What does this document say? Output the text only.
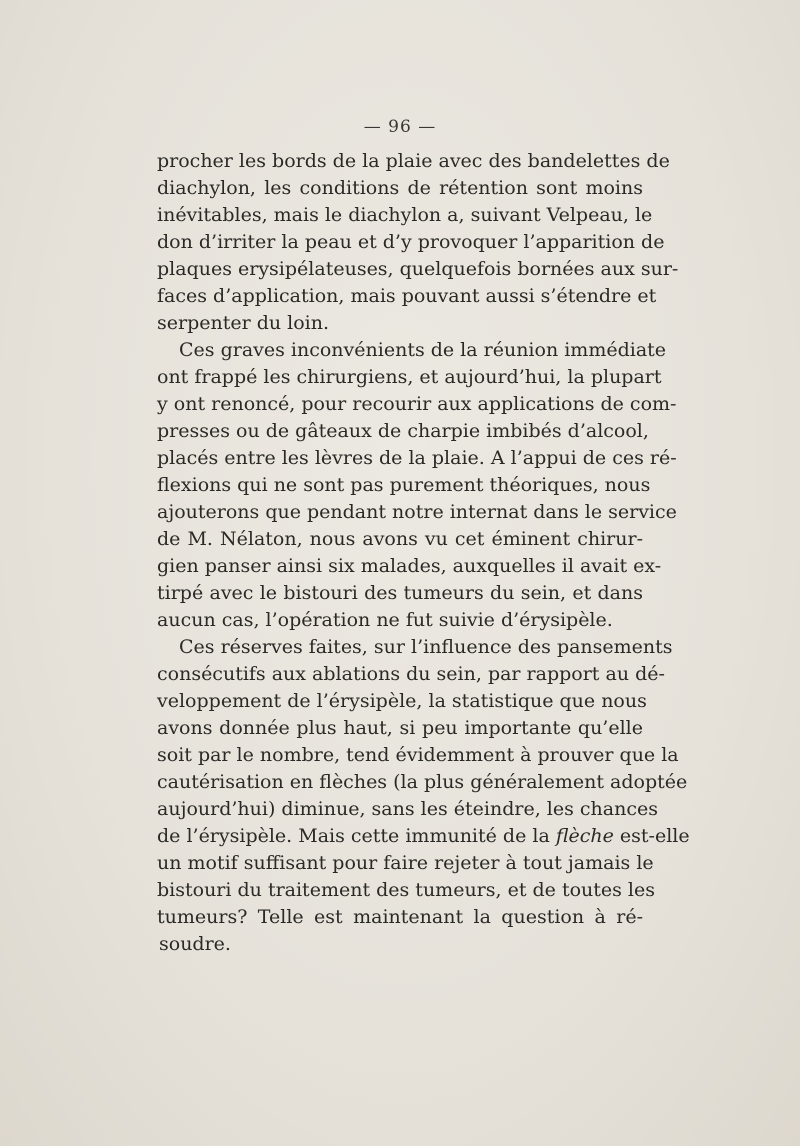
— 96 —
procher les bords de la plaie avec des bandelettes de
diachylon, les conditions de rétention sont moins
inévitables, mais le diachylon a, suivant Velpeau, le
don d’irriter la peau et d’y provoquer l’apparition de
plaques erysipélateuses, quelquefois bornées aux sur-
faces d’application, mais pouvant aussi s’étendre et
serpenter du loin.
Ces graves inconvénients de la réunion immédiate
ont frappé les chirurgiens, et aujourd’hui, la plupart
y ont renoncé, pour recourir aux applications de com-
presses ou de gâteaux de charpie imbibés d’alcool,
placés entre les lèvres de la plaie. A l’appui de ces ré-
flexions qui ne sont pas purement théoriques, nous
ajouterons que pendant notre internat dans le service
de M. Nélaton, nous avons vu cet éminent chirur-
gien panser ainsi six malades, auxquelles il avait ex-
tirpé avec le bistouri des tumeurs du sein, et dans
aucun cas, l’opération ne fut suivie d’érysipèle.
Ces réserves faites, sur l’influence des pansements
consécutifs aux ablations du sein, par rapport au dé-
veloppement de l’érysipèle, la statistique que nous
avons donnée plus haut, si peu importante qu’elle
soit par le nombre, tend évidemment à prouver que la
cautérisation en flèches (la plus généralement adoptée
aujourd’hui) diminue, sans les éteindre, les chances
de l’érysipèle. Mais cette immunité de la flèche est-elle
un motif suffisant pour faire rejeter à tout jamais le
bistouri du traitement des tumeurs, et de toutes les
tumeurs? Telle est maintenant la question à ré-
soudre.
